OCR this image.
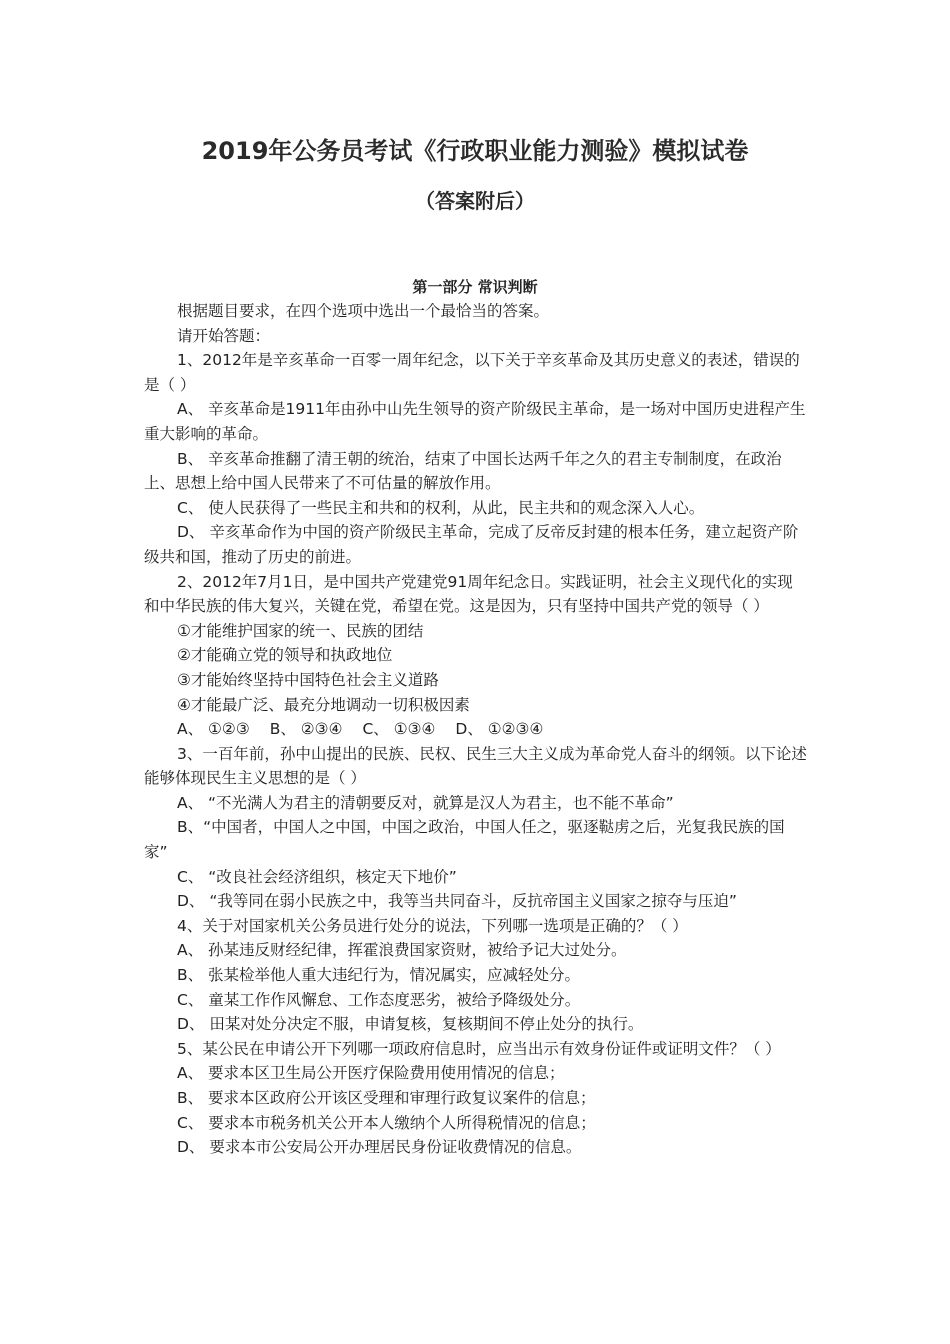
2019年公务员考试《行政职业能力测验》模拟试卷
（答案附后）
第一部分 常识判断

根据题目要求，在四个选项中选出一个最恰当的答案。

请开始答题：

1、2012年是辛亥革命一百零一周年纪念，以下关于辛亥革命及其历史意义的表述，错误的是（ ）

A、 辛亥革命是1911年由孙中山先生领导的资产阶级民主革命，是一场对中国历史进程产生重大影响的革命。

B、 辛亥革命推翻了清王朝的统治，结束了中国长达两千年之久的君主专制制度，在政治上、思想上给中国人民带来了不可估量的解放作用。

C、 使人民获得了一些民主和共和的权利，从此，民主共和的观念深入人心。

D、 辛亥革命作为中国的资产阶级民主革命，完成了反帝反封建的根本任务，建立起资产阶级共和国，推动了历史的前进。

2、2012年7月1日，是中国共产党建党91周年纪念日。实践证明，社会主义现代化的实现和中华民族的伟大复兴，关键在党，希望在党。这是因为，只有坚持中国共产党的领导（ ）

①才能维护国家的统一、民族的团结

②才能确立党的领导和执政地位

③才能始终坚持中国特色社会主义道路

④才能最广泛、最充分地调动一切积极因素

A、 ①②③ B、 ②③④ C、 ①③④ D、 ①②③④

3、一百年前，孙中山提出的民族、民权、民生三大主义成为革命党人奋斗的纲领。以下论述能够体现民生主义思想的是（ ）

A、 “不光满人为君主的清朝要反对，就算是汉人为君主，也不能不革命”

B、“中国者，中国人之中国，中国之政治，中国人任之，驱逐鞑虏之后，光复我民族的国家”

C、 “改良社会经济组织，核定天下地价”

D、 “我等同在弱小民族之中，我等当共同奋斗，反抗帝国主义国家之掠夺与压迫”

4、关于对国家机关公务员进行处分的说法，下列哪一选项是正确的？（ ）

A、 孙某违反财经纪律，挥霍浪费国家资财，被给予记大过处分。

B、 张某检举他人重大违纪行为，情况属实，应减轻处分。

C、 童某工作作风懈怠、工作态度恶劣，被给予降级处分。

D、 田某对处分决定不服，申请复核，复核期间不停止处分的执行。

5、某公民在申请公开下列哪一项政府信息时，应当出示有效身份证件或证明文件？（ ）

A、 要求本区卫生局公开医疗保险费用使用情况的信息；

B、 要求本区政府公开该区受理和审理行政复议案件的信息；

C、 要求本市税务机关公开本人缴纳个人所得税情况的信息；

D、 要求本市公安局公开办理居民身份证收费情况的信息。
